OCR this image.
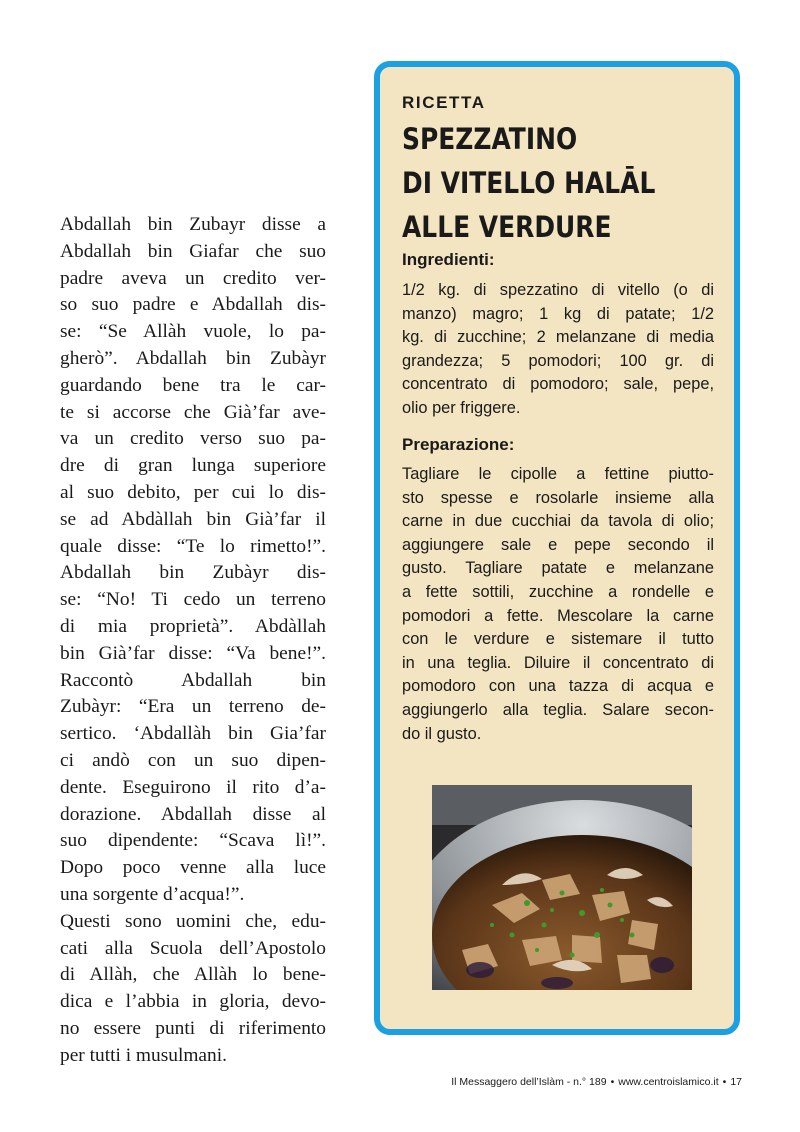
Abdallah bin Zubayr disse a
Abdallah bin Giafar che suo
padre aveva un credito ver-
so suo padre e Abdallah dis-
se: “Se Allàh vuole, lo pa-
gherò”. Abdallah bin Zubàyr
guardando bene tra le car-
te si accorse che Già’far ave-
va un credito verso suo pa-
dre di gran lunga superiore
al suo debito, per cui lo dis-
se ad Abdàllah bin Già’far il
quale disse: “Te lo rimetto!”.
Abdallah bin Zubàyr dis-
se: “No! Ti cedo un terreno
di mia proprietà”. Abdàllah
bin Già’far disse: “Va bene!”.
Raccontò Abdallah bin
Zubàyr: “Era un terreno de-
sertico. ‘Abdallàh bin Gia’far
ci andò con un suo dipen-
dente. Eseguirono il rito d’a-
dorazione. Abdallah disse al
suo dipendente: “Scava lì!”.
Dopo poco venne alla luce
una sorgente d’acqua!”.
Questi sono uomini che, edu-
cati alla Scuola dell’Apostolo
di Allàh, che Allàh lo bene-
dica e l’abbia in gloria, devo-
no essere punti di riferimento
per tutti i musulmani.

RICETTA
SPEZZATINO
DI VITELLO HALĀL
ALLE VERDURE
Ingredienti:
1/2 kg. di spezzatino di vitello (o di
manzo) magro; 1 kg di patate; 1/2
kg. di zucchine; 2 melanzane di media
grandezza; 5 pomodori; 100 gr. di
concentrato di pomodoro; sale, pepe,
olio per friggere.
Preparazione:
Tagliare le cipolle a fettine piutto-
sto spesse e rosolarle insieme alla
carne in due cucchiai da tavola di olio;
aggiungere sale e pepe secondo il
gusto. Tagliare patate e melanzane
a fette sottili, zucchine a rondelle e
pomodori a fette. Mescolare la carne
con le verdure e sistemare il tutto
in una teglia. Diluire il concentrato di
pomodoro con una tazza di acqua e
aggiungerlo alla teglia. Salare secon-
do il gusto.
Il Messaggero dell’Islàm - n.° 189 • www.centroislamico.it • 17
